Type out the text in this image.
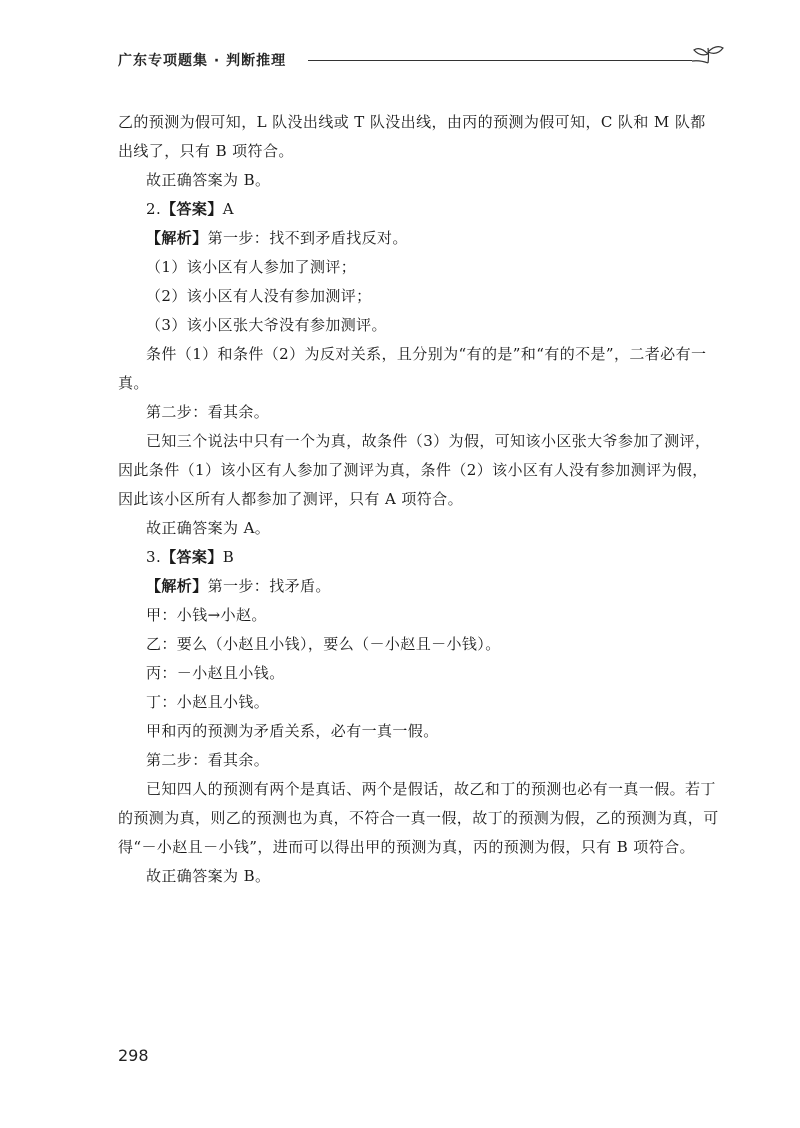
广东专项题集 · 判断推理

乙的预测为假可知，L 队没出线或 T 队没出线，由丙的预测为假可知，C 队和 M 队都出线了，只有 B 项符合。

故正确答案为 B。

2.【答案】A

【解析】第一步：找不到矛盾找反对。

（1）该小区有人参加了测评；

（2）该小区有人没有参加测评；

（3）该小区张大爷没有参加测评。

条件（1）和条件（2）为反对关系，且分别为“有的是”和“有的不是”，二者必有一真。

第二步：看其余。

已知三个说法中只有一个为真，故条件（3）为假，可知该小区张大爷参加了测评，因此条件（1）该小区有人参加了测评为真，条件（2）该小区有人没有参加测评为假，因此该小区所有人都参加了测评，只有 A 项符合。

故正确答案为 A。

3.【答案】B

【解析】第一步：找矛盾。

甲：小钱→小赵。

乙：要么（小赵且小钱），要么（－小赵且－小钱）。

丙：－小赵且小钱。

丁：小赵且小钱。

甲和丙的预测为矛盾关系，必有一真一假。

第二步：看其余。

已知四人的预测有两个是真话、两个是假话，故乙和丁的预测也必有一真一假。若丁的预测为真，则乙的预测也为真，不符合一真一假，故丁的预测为假，乙的预测为真，可得“－小赵且－小钱”，进而可以得出甲的预测为真，丙的预测为假，只有 B 项符合。

故正确答案为 B。

298
